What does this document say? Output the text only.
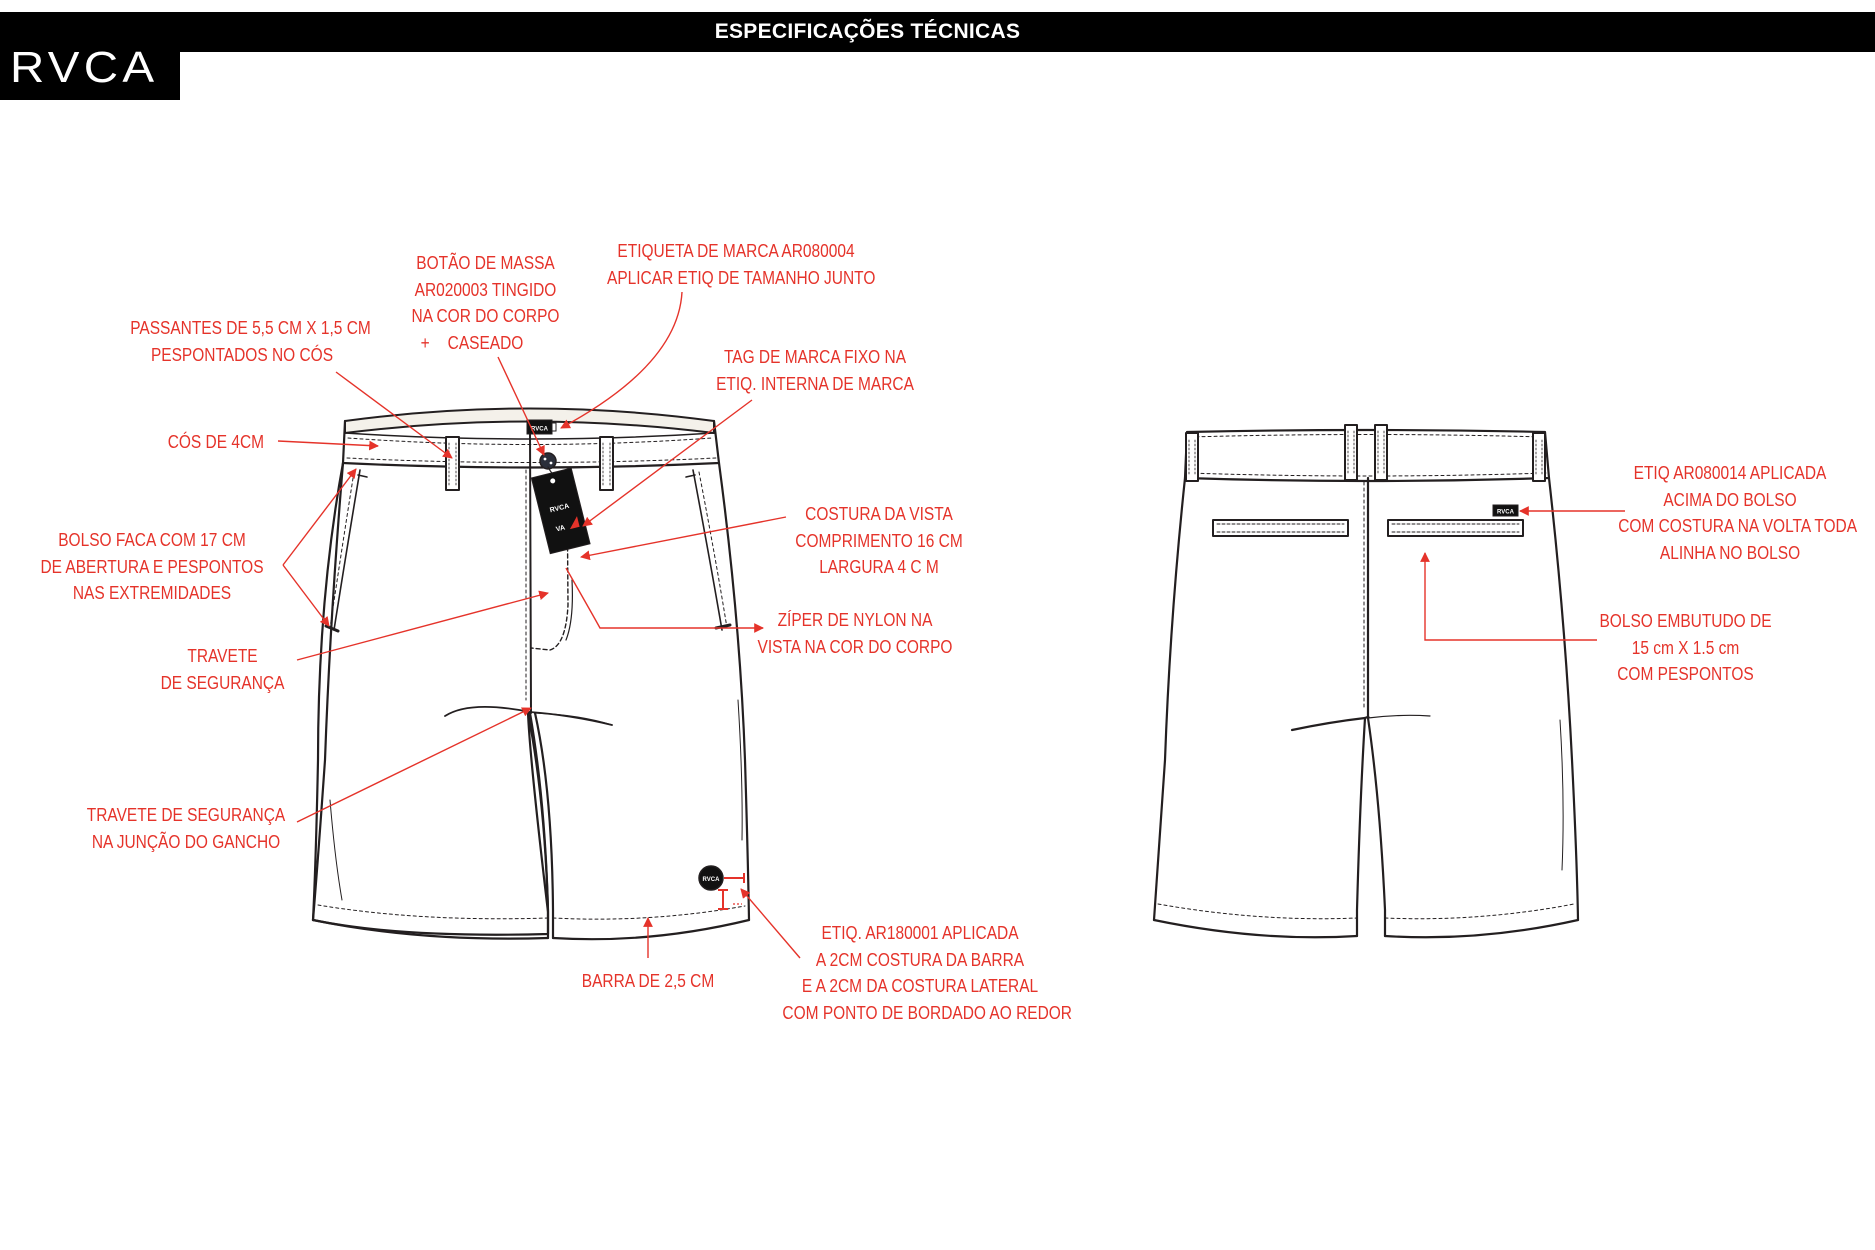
ESPECIFICAÇÕES TÉCNICAS
RVCA
RVCA
RVCA
VA
RVCA
RVCA
PASSANTES DE 5,5 CM X 1,5 CM
PESPONTADOS NO CÓS
BOTÃO DE MASSA
AR020003 TINGIDO
NA COR DO CORPO
+	CASEADO
ETIQUETA DE MARCA AR080004
APLICAR ETIQ DE TAMANHO JUNTO
TAG DE MARCA FIXO NA
ETIQ. INTERNA DE MARCA
CÓS DE 4CM
BOLSO FACA COM 17 CM
DE ABERTURA E PESPONTOS
NAS EXTREMIDADES
COSTURA DA VISTA
COMPRIMENTO 16 CM
LARGURA 4 C M
ZÍPER DE NYLON NA
VISTA NA COR DO CORPO
TRAVETE
DE SEGURANÇA
TRAVETE DE SEGURANÇA
NA JUNÇÃO DO GANCHO
BARRA DE 2,5 CM
ETIQ. AR180001 APLICADA
A 2CM COSTURA DA BARRA
E A 2CM DA COSTURA LATERAL
COM PONTO DE BORDADO AO REDOR
ETIQ AR080014 APLICADA
ACIMA DO BOLSO
COM COSTURA NA VOLTA TODA
ALINHA NO BOLSO
BOLSO EMBUTUDO DE
15 cm X 1.5 cm
COM PESPONTOS
